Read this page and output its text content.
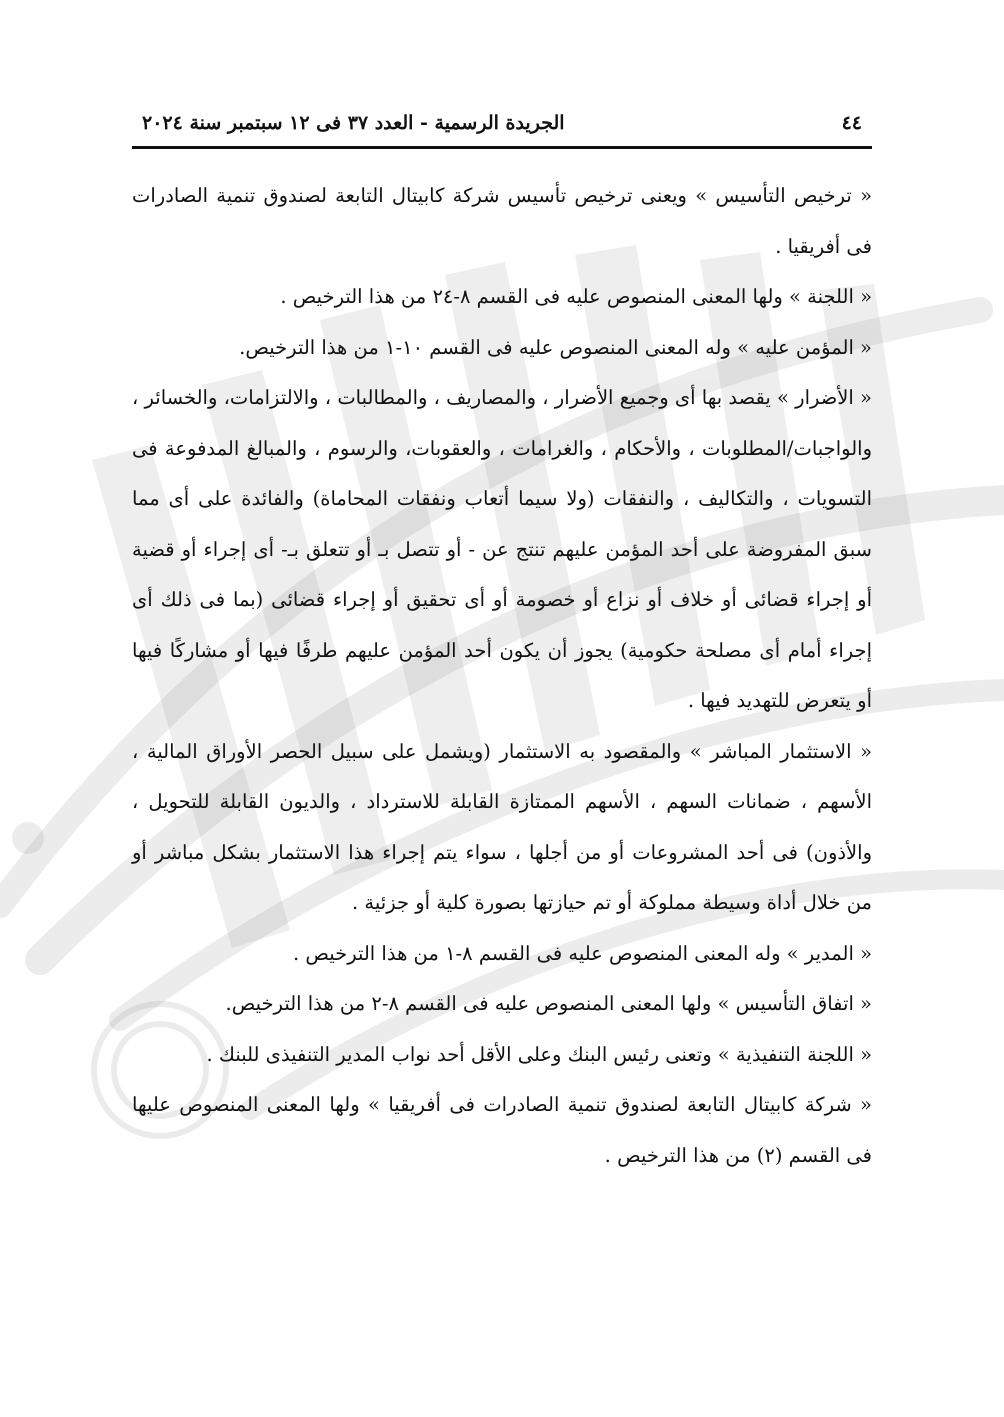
٤٤
الجريدة الرسمية - العدد ٣٧ فى ١٢ سبتمبر سنة ٢٠٢٤

« ترخيص التأسيس » ويعنى ترخيص تأسيس شركة كابيتال التابعة لصندوق تنمية الصادرات فى أفريقيا .

« اللجنة » ولها المعنى المنصوص عليه فى القسم ٨-٢٤ من هذا الترخيص .

« المؤمن عليه » وله المعنى المنصوص عليه فى القسم ١٠-١ من هذا الترخيص.

« الأضرار » يقصد بها أى وجميع الأضرار ، والمصاريف ، والمطالبات ، والالتزامات، والخسائر ، والواجبات/المطلوبات ، والأحكام ، والغرامات ، والعقوبات، والرسوم ، والمبالغ المدفوعة فى التسويات ، والتكاليف ، والنفقات (ولا سيما أتعاب ونفقات المحاماة) والفائدة على أى مما سبق المفروضة على أحد المؤمن عليهم تنتج عن - أو تتصل بـ أو تتعلق بـ- أى إجراء أو قضية أو إجراء قضائى أو خلاف أو نزاع أو خصومة أو أى تحقيق أو إجراء قضائى (بما فى ذلك أى إجراء أمام أى مصلحة حكومية) يجوز أن يكون أحد المؤمن عليهم طرفًا فيها أو مشاركًا فيها أو يتعرض للتهديد فيها .

« الاستثمار المباشر » والمقصود به الاستثمار (ويشمل على سبيل الحصر الأوراق المالية ، الأسهم ، ضمانات السهم ، الأسهم الممتازة القابلة للاسترداد ، والديون القابلة للتحويل ، والأذون) فى أحد المشروعات أو من أجلها ، سواء يتم إجراء هذا الاستثمار بشكل مباشر أو من خلال أداة وسيطة مملوكة أو تم حيازتها بصورة كلية أو جزئية .

« المدير » وله المعنى المنصوص عليه فى القسم ٨-١ من هذا الترخيص .

« اتفاق التأسيس » ولها المعنى المنصوص عليه فى القسم ٨-٢ من هذا الترخيص.

« اللجنة التنفيذية » وتعنى رئيس البنك وعلى الأقل أحد نواب المدير التنفيذى للبنك .

« شركة كابيتال التابعة لصندوق تنمية الصادرات فى أفريقيا » ولها المعنى المنصوص عليها فى القسم (٢) من هذا الترخيص .
